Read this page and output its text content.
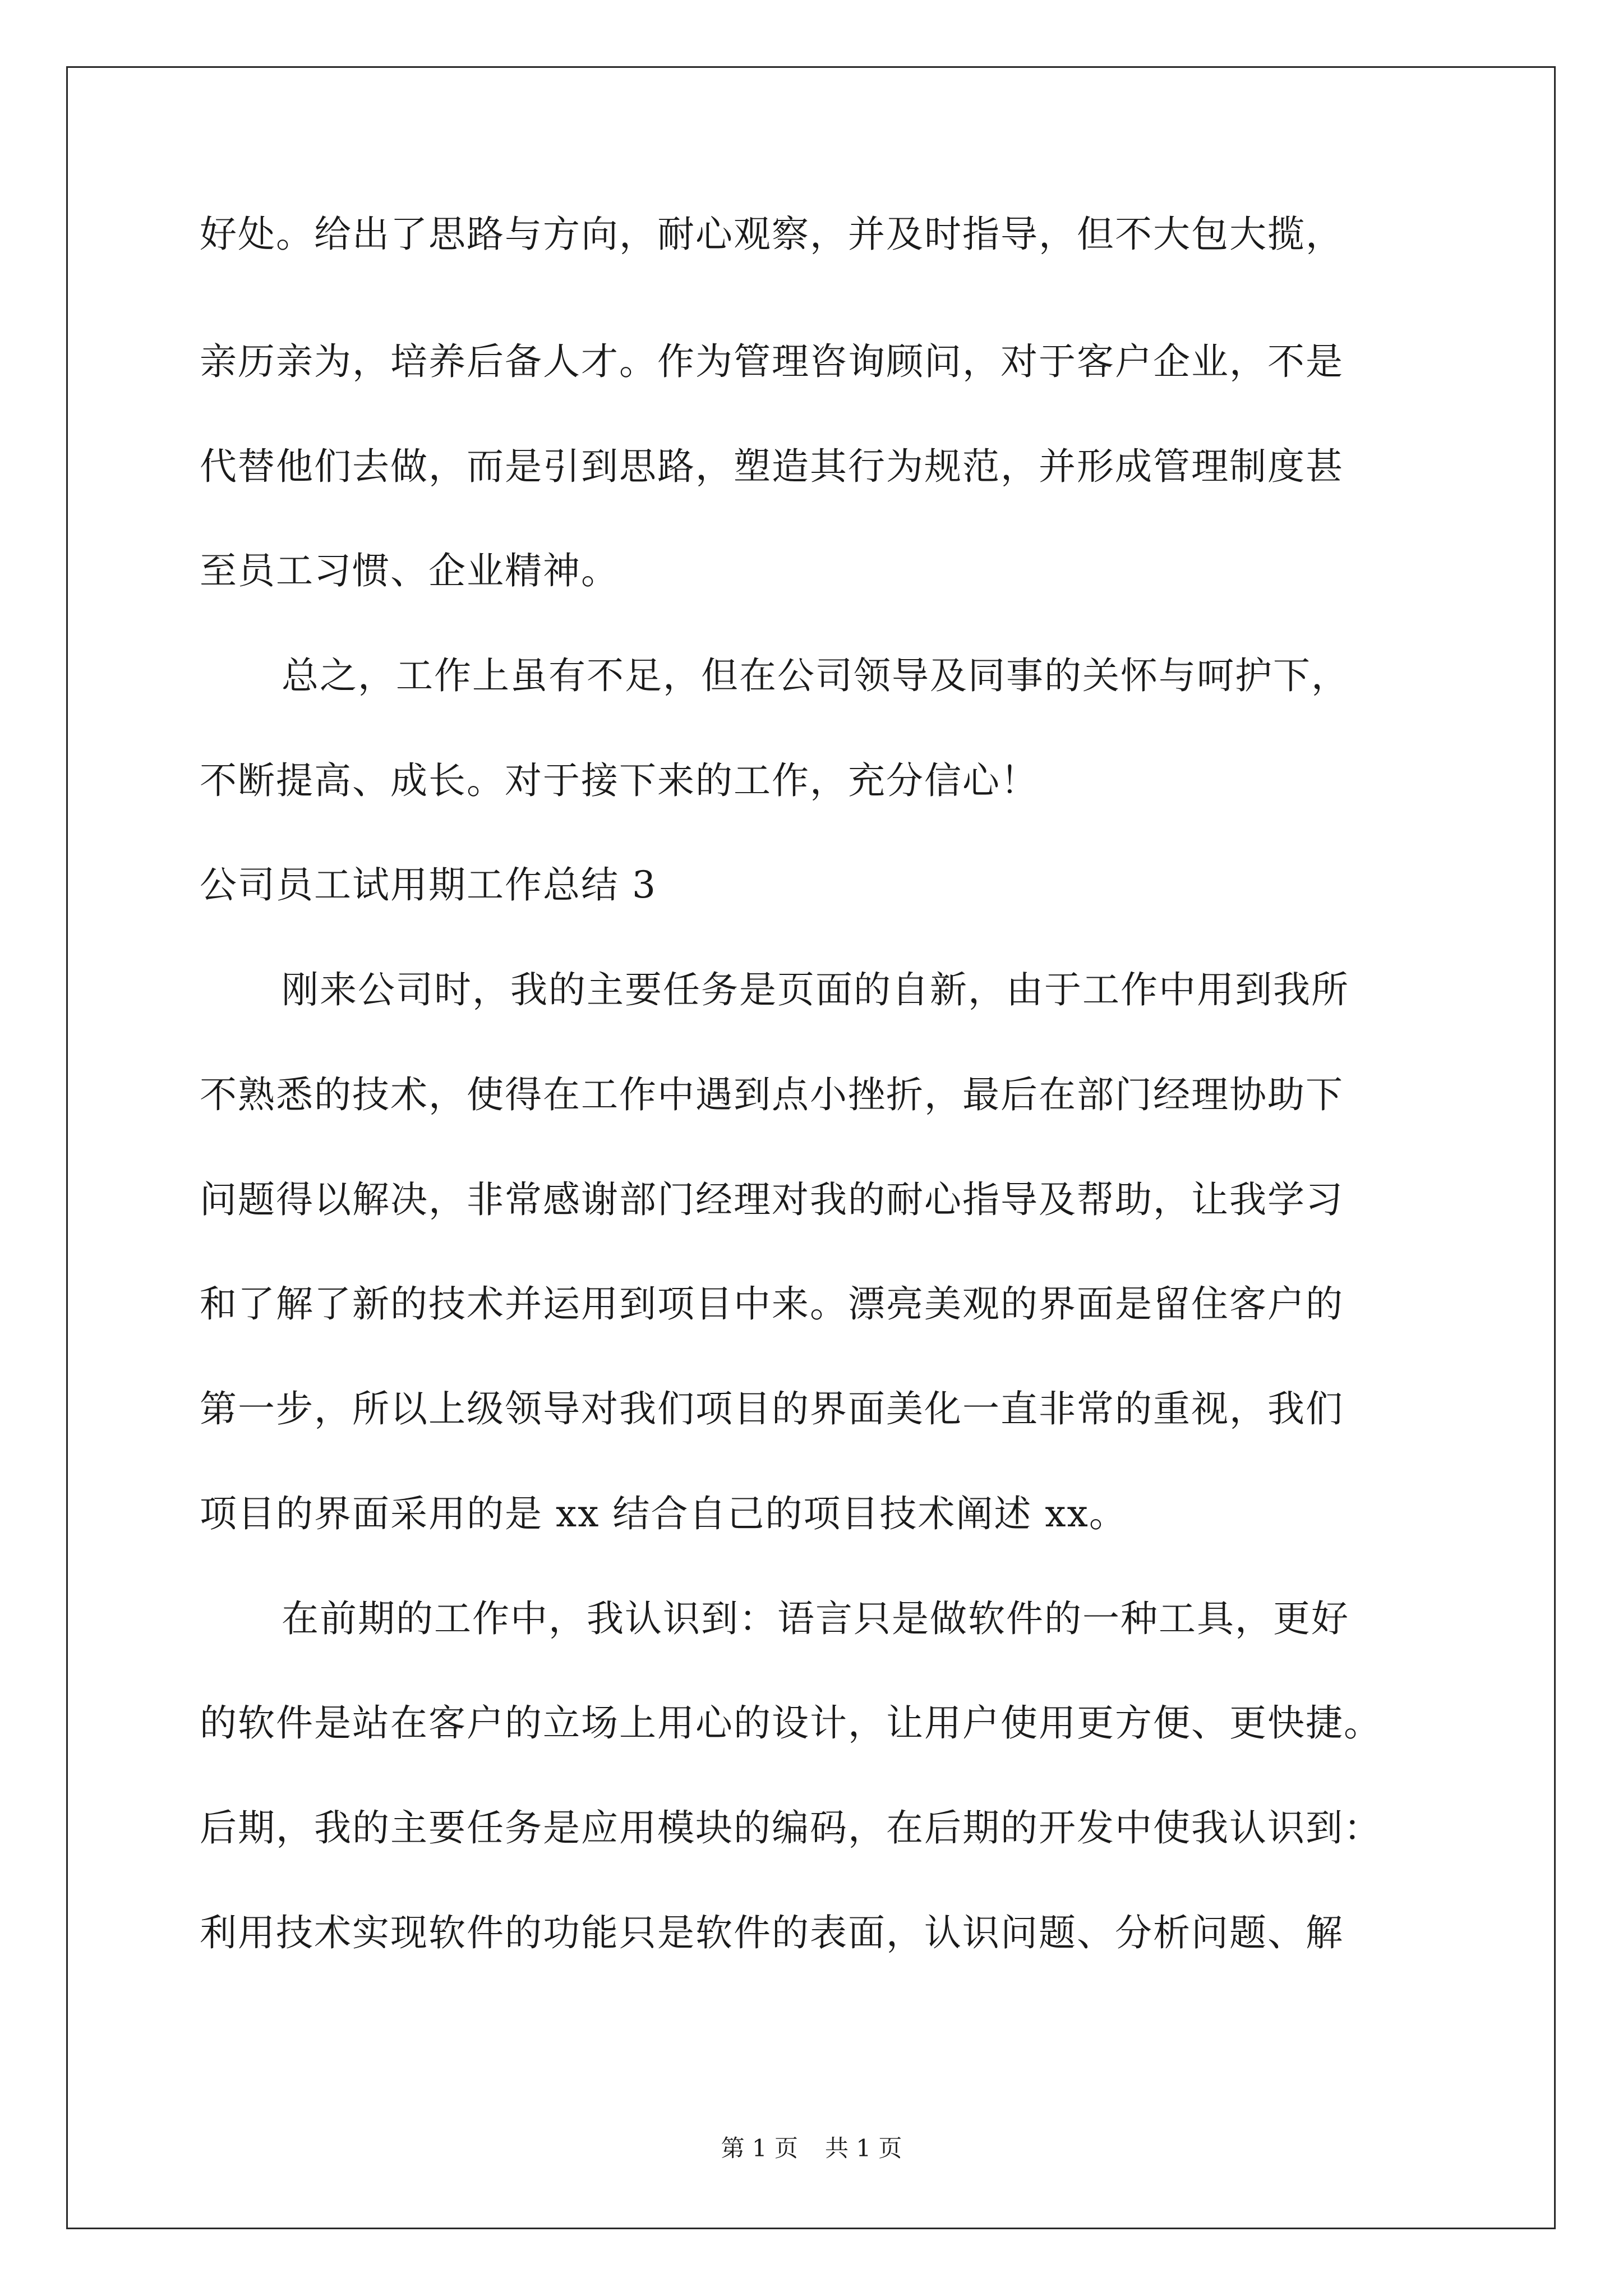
好处。给出了思路与方向，耐心观察，并及时指导，但不大包大揽，
亲历亲为，培养后备人才。作为管理咨询顾问，对于客户企业，不是
代替他们去做，而是引到思路，塑造其行为规范，并形成管理制度甚
至员工习惯、企业精神。
总之，工作上虽有不足，但在公司领导及同事的关怀与呵护下，
不断提高、成长。对于接下来的工作，充分信心！
公司员工试用期工作总结 3
刚来公司时，我的主要任务是页面的自新，由于工作中用到我所
不熟悉的技术，使得在工作中遇到点小挫折，最后在部门经理协助下
问题得以解决，非常感谢部门经理对我的耐心指导及帮助，让我学习
和了解了新的技术并运用到项目中来。漂亮美观的界面是留住客户的
第一步，所以上级领导对我们项目的界面美化一直非常的重视，我们
项目的界面采用的是 xx 结合自己的项目技术阐述 xx。
在前期的工作中，我认识到：语言只是做软件的一种工具，更好
的软件是站在客户的立场上用心的设计，让用户使用更方便、更快捷。
后期，我的主要任务是应用模块的编码，在后期的开发中使我认识到：
利用技术实现软件的功能只是软件的表面，认识问题、分析问题、解
第 1 页 共 1 页
